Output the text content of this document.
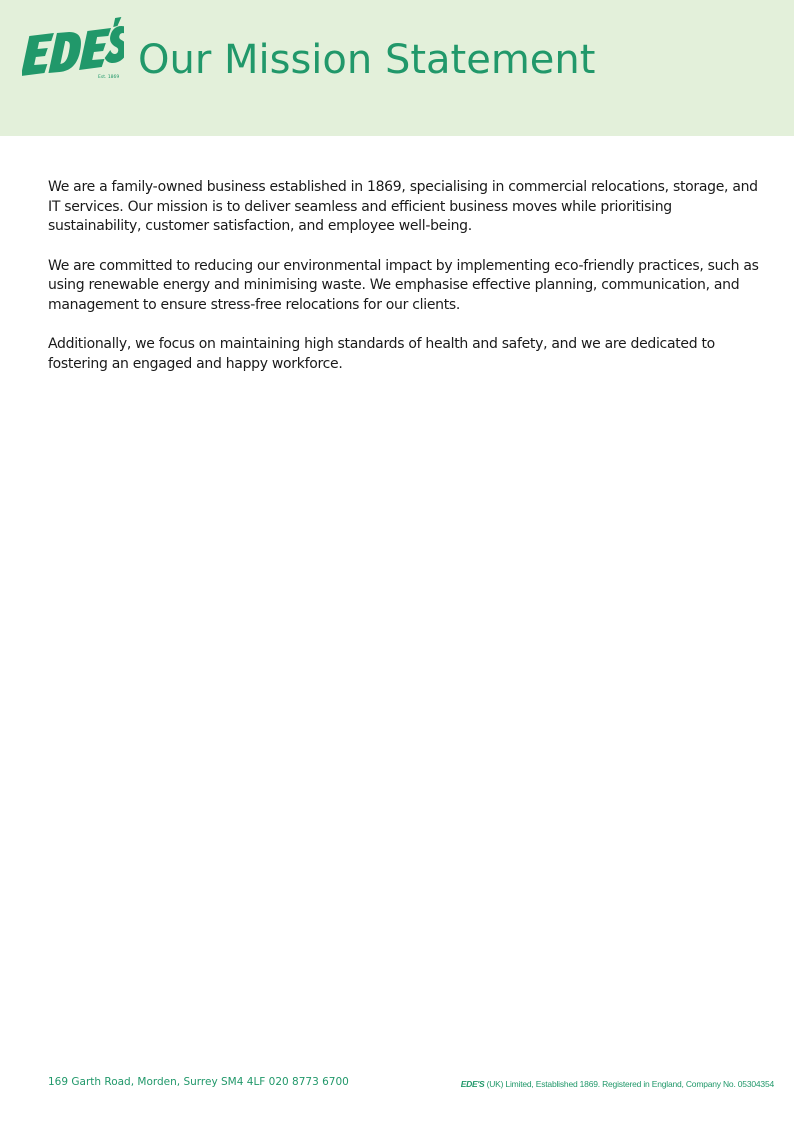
Est. 1869 Our Mission Statement

We are a family-owned business established in 1869, specialising in commercial relocations, storage, and IT services. Our mission is to deliver seamless and efficient business moves while prioritising sustainability, customer satisfaction, and employee well-being.

We are committed to reducing our environmental impact by implementing eco-friendly practices, such as using renewable energy and minimising waste. We emphasise effective planning, communication, and management to ensure stress-free relocations for our clients.

Additionally, we focus on maintaining high standards of health and safety, and we are dedicated to fostering an engaged and happy workforce.

169 Garth Road, Morden, Surrey SM4 4LF 020 8773 6700	EDE'S (UK) Limited, Established 1869. Registered in England, Company No. 05304354
